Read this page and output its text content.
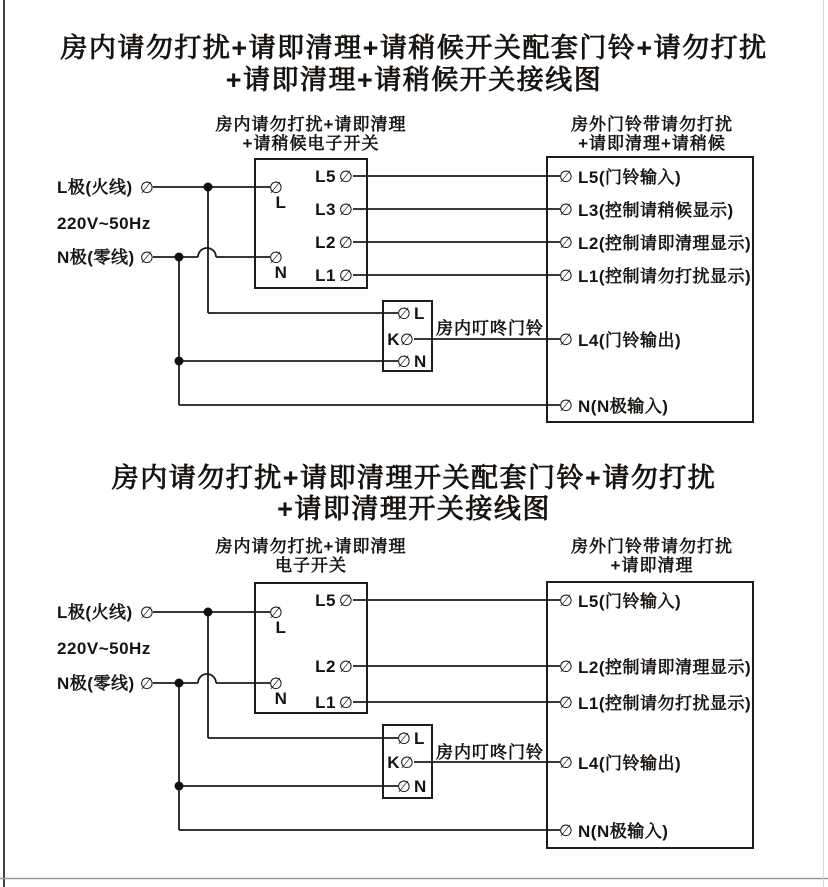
房内请勿打扰+请即清理+请稍候开关配套门铃+请勿打扰
+请即清理+请稍候开关接线图
房内请勿打扰+请即清理
+请稍候电子开关
房外门铃带请勿打扰
+请即清理+请稍候
L极(火线) ∅
220V~50Hz
N极(零线) ∅
∅
L
∅
N
L5 ∅
L3 ∅
L2 ∅
L1 ∅
∅ L
K ∅
∅ N
房内叮咚门铃
∅ L5(门铃输入)
∅ L3(控制请稍候显示)
∅ L2(控制请即清理显示)
∅ L1(控制请勿打扰显示)
∅ L4(门铃输出)
∅ N(N极输入)
房内请勿打扰+请即清理开关配套门铃+请勿打扰
+请即清理开关接线图
房内请勿打扰+请即清理
电子开关
房外门铃带请勿打扰
+请即清理
L极(火线) ∅
220V~50Hz
N极(零线) ∅
∅
L
∅
N
L5 ∅
L2 ∅
L1 ∅
∅ L
K ∅
∅ N
房内叮咚门铃
∅ L5(门铃输入)
∅ L2(控制请即清理显示)
∅ L1(控制请勿打扰显示)
∅ L4(门铃输出)
∅ N(N极输入)
